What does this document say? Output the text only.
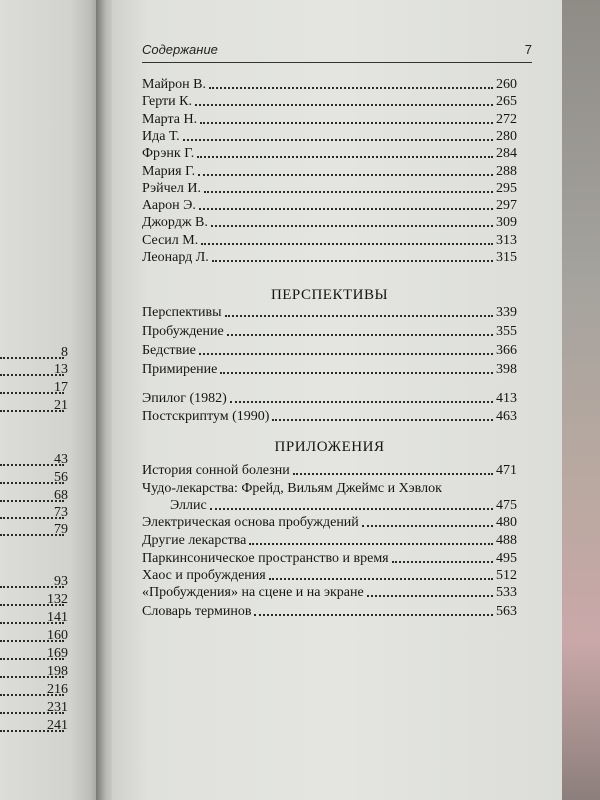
8
13
17
21
43
56
68
73
79
93
132
141
160
169
198
216
231
241
Содержание	7
ПЕРСПЕКТИВЫ
ПРИЛОЖЕНИЯ
Майрон В.	260
Герти К.	265
Марта Н.	272
Ида Т.	280
Фрэнк Г.	284
Мария Г.	288
Рэйчел И.	295
Аарон Э.	297
Джордж В.	309
Сесил М.	313
Леонард Л.	315
Перспективы	339
Пробуждение	355
Бедствие	366
Примирение	398
Эпилог (1982)	413
Постскриптум (1990)	463
История сонной болезни	471
Чудо-лекарства: Фрейд, Вильям Джеймс и Хэвлок
Эллис	475
Электрическая основа пробуждений	480
Другие лекарства	488
Паркинсоническое пространство и время	495
Хаос и пробуждения	512
«Пробуждения» на сцене и на экране	533
Словарь терминов	563
